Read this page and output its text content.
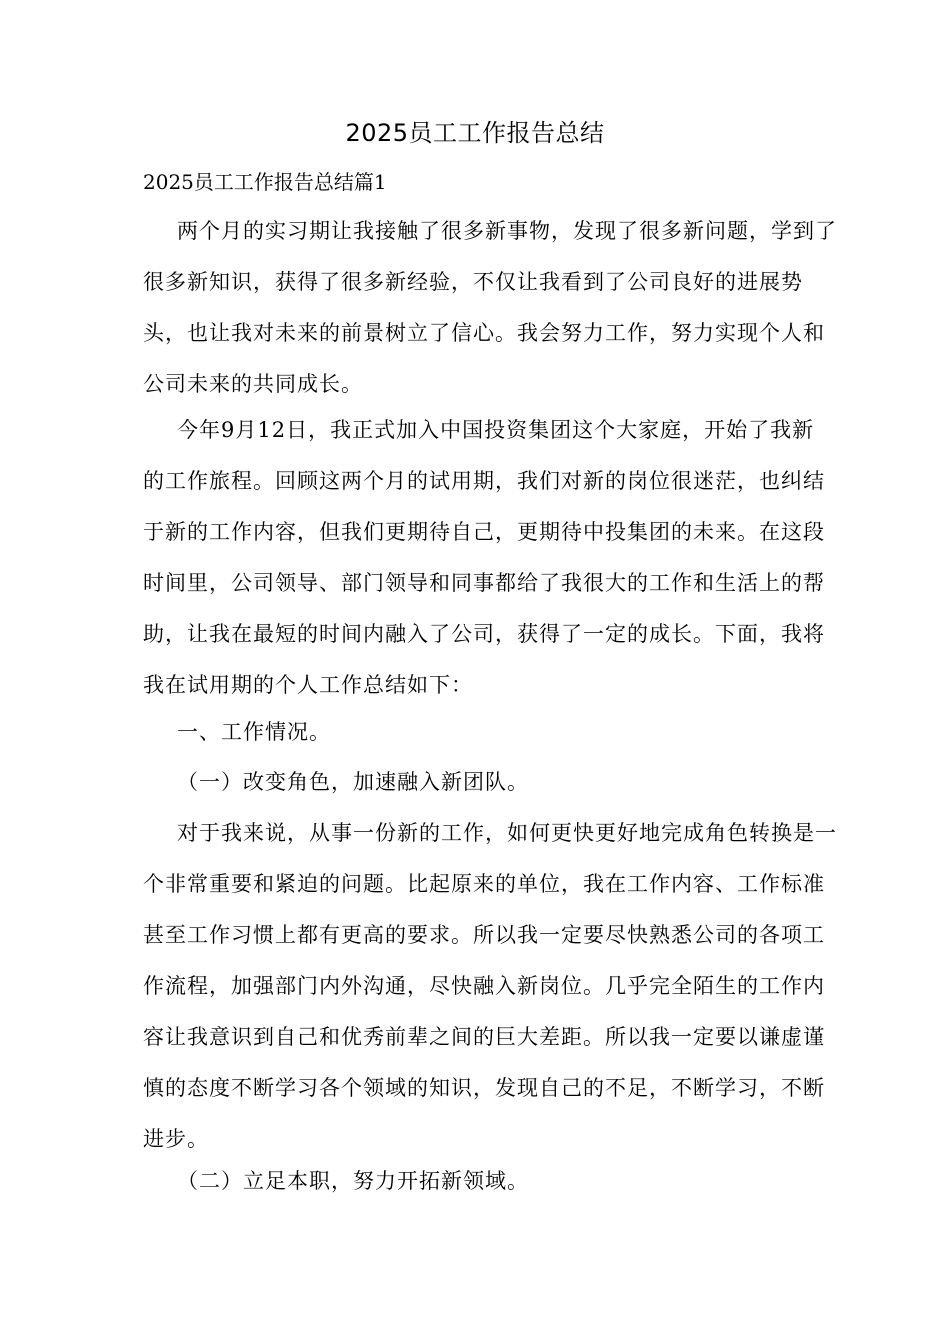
2025员工工作报告总结
2025员工工作报告总结篇1
两个月的实习期让我接触了很多新事物，发现了很多新问题，学到了
很多新知识，获得了很多新经验，不仅让我看到了公司良好的进展势
头，也让我对未来的前景树立了信心。我会努力工作，努力实现个人和
公司未来的共同成长。
今年9月12日，我正式加入中国投资集团这个大家庭，开始了我新
的工作旅程。回顾这两个月的试用期，我们对新的岗位很迷茫，也纠结
于新的工作内容，但我们更期待自己，更期待中投集团的未来。在这段
时间里，公司领导、部门领导和同事都给了我很大的工作和生活上的帮
助，让我在最短的时间内融入了公司，获得了一定的成长。下面，我将
我在试用期的个人工作总结如下：
一、工作情况。
（一）改变角色，加速融入新团队。
对于我来说，从事一份新的工作，如何更快更好地完成角色转换是一
个非常重要和紧迫的问题。比起原来的单位，我在工作内容、工作标准
甚至工作习惯上都有更高的要求。所以我一定要尽快熟悉公司的各项工
作流程，加强部门内外沟通，尽快融入新岗位。几乎完全陌生的工作内
容让我意识到自己和优秀前辈之间的巨大差距。所以我一定要以谦虚谨
慎的态度不断学习各个领域的知识，发现自己的不足，不断学习，不断
进步。
（二）立足本职，努力开拓新领域。
